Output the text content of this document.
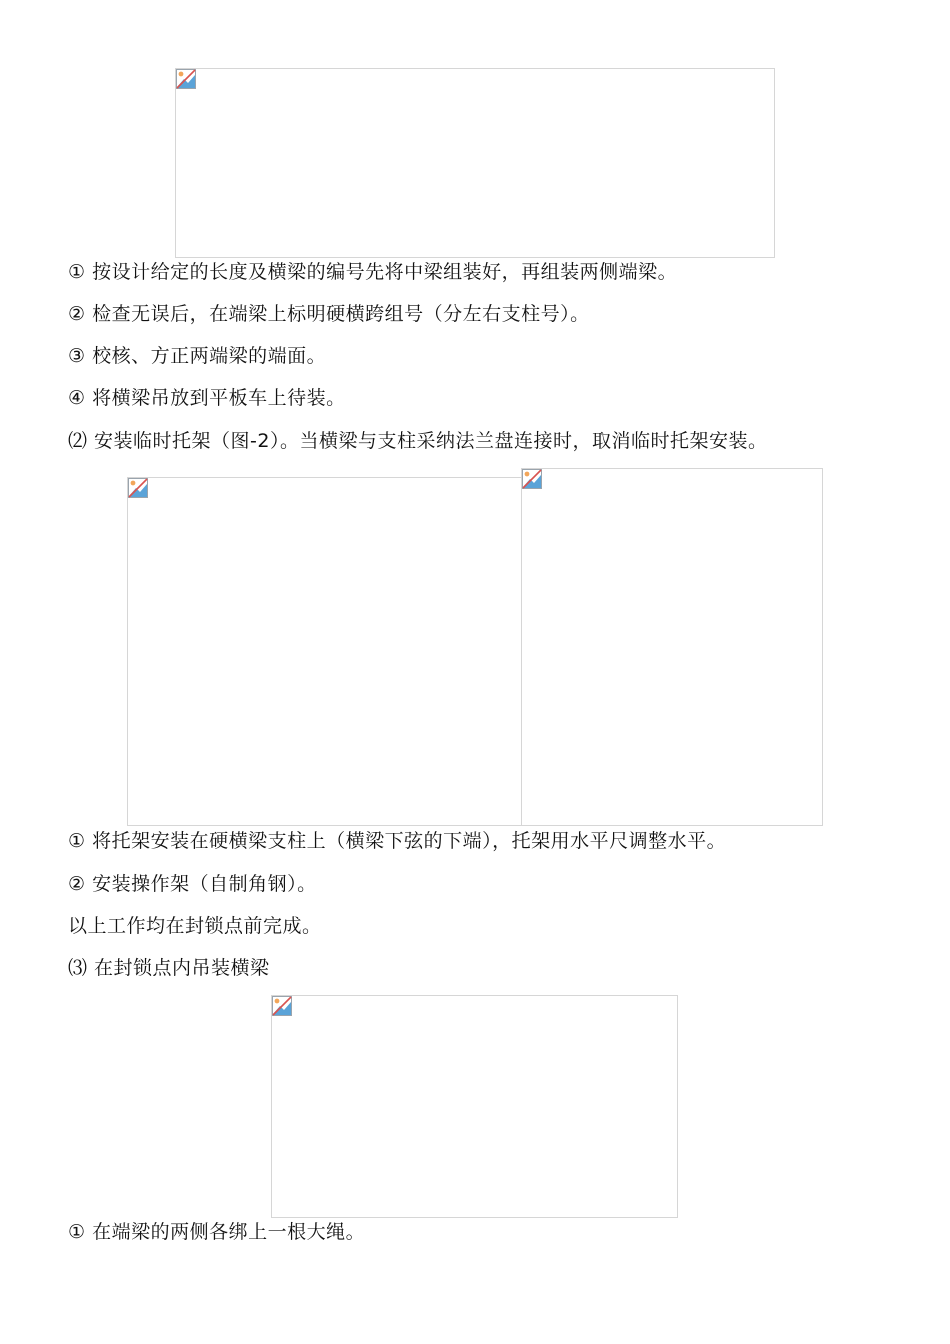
① 按设计给定的长度及横梁的编号先将中梁组装好，再组装两侧端梁。
② 检查无误后，在端梁上标明硬横跨组号（分左右支柱号）。
③ 校核、方正两端梁的端面。
④ 将横梁吊放到平板车上待装。
⑵ 安装临时托架（图-2）。当横梁与支柱采纳法兰盘连接时，取消临时托架安装。
① 将托架安装在硬横梁支柱上（横梁下弦的下端），托架用水平尺调整水平。
② 安装操作架（自制角钢）。
以上工作均在封锁点前完成。
⑶ 在封锁点内吊装横梁
① 在端梁的两侧各绑上一根大绳。
